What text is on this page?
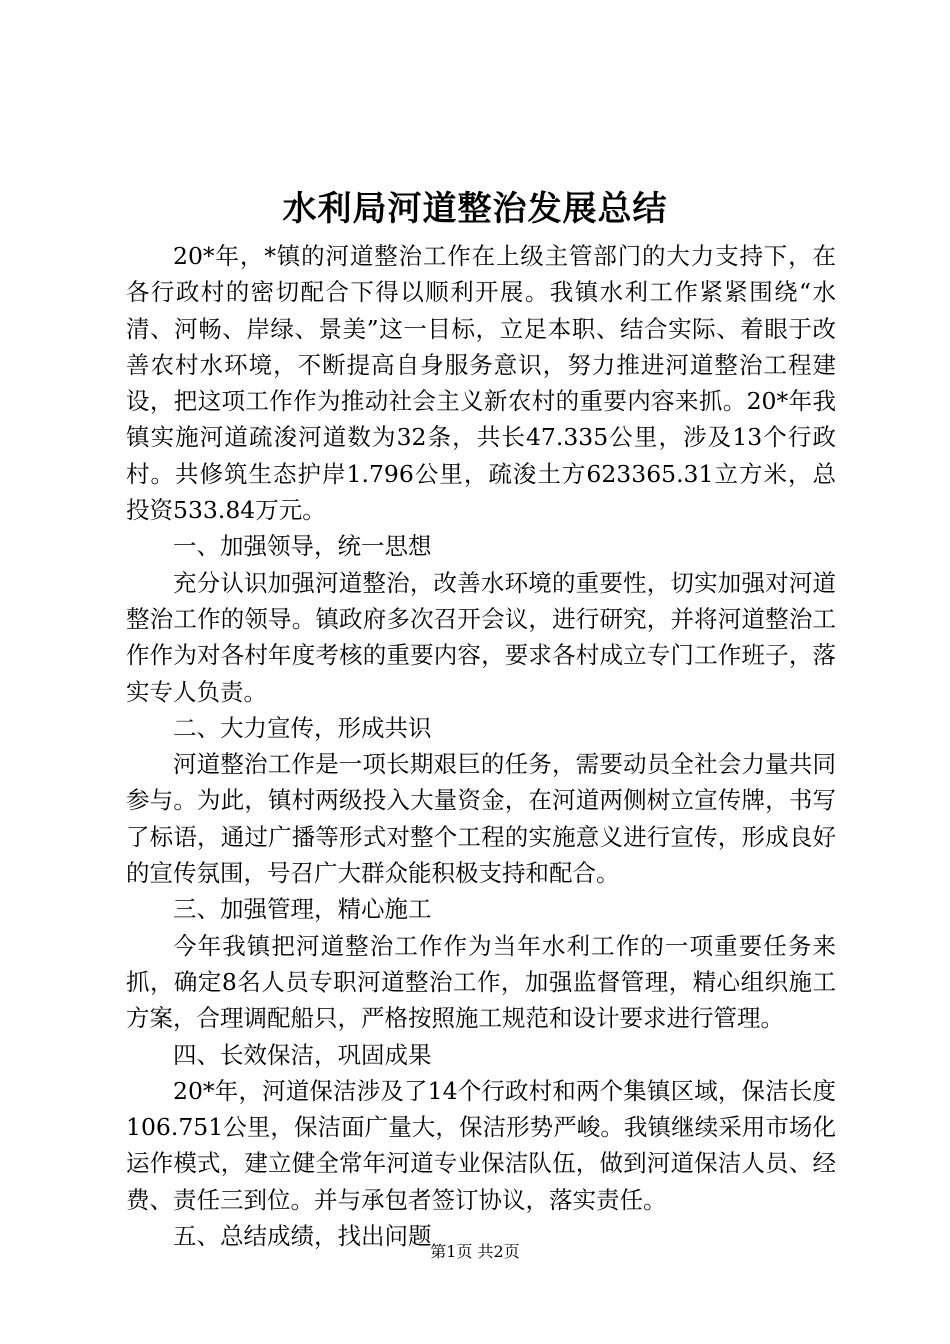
水利局河道整治发展总结

20*年，*镇的河道整治工作在上级主管部门的大力支持下，在各行政村的密切配合下得以顺利开展。我镇水利工作紧紧围绕“水清、河畅、岸绿、景美”这一目标，立足本职、结合实际、着眼于改善农村水环境，不断提高自身服务意识，努力推进河道整治工程建设，把这项工作作为推动社会主义新农村的重要内容来抓。20*年我镇实施河道疏浚河道数为32条，共长47.335公里，涉及13个行政村。共修筑生态护岸1.796公里，疏浚土方623365.31立方米，总投资533.84万元。

一、加强领导，统一思想

充分认识加强河道整治，改善水环境的重要性，切实加强对河道整治工作的领导。镇政府多次召开会议，进行研究，并将河道整治工作作为对各村年度考核的重要内容，要求各村成立专门工作班子，落实专人负责。

二、大力宣传，形成共识

河道整治工作是一项长期艰巨的任务，需要动员全社会力量共同参与。为此，镇村两级投入大量资金，在河道两侧树立宣传牌，书写了标语，通过广播等形式对整个工程的实施意义进行宣传，形成良好的宣传氛围，号召广大群众能积极支持和配合。

三、加强管理，精心施工

今年我镇把河道整治工作作为当年水利工作的一项重要任务来抓，确定8名人员专职河道整治工作，加强监督管理，精心组织施工方案，合理调配船只，严格按照施工规范和设计要求进行管理。

四、长效保洁，巩固成果

20*年，河道保洁涉及了14个行政村和两个集镇区域，保洁长度106.751公里，保洁面广量大，保洁形势严峻。我镇继续采用市场化运作模式，建立健全常年河道专业保洁队伍，做到河道保洁人员、经费、责任三到位。并与承包者签订协议，落实责任。

五、总结成绩，找出问题

第1页 共2页
